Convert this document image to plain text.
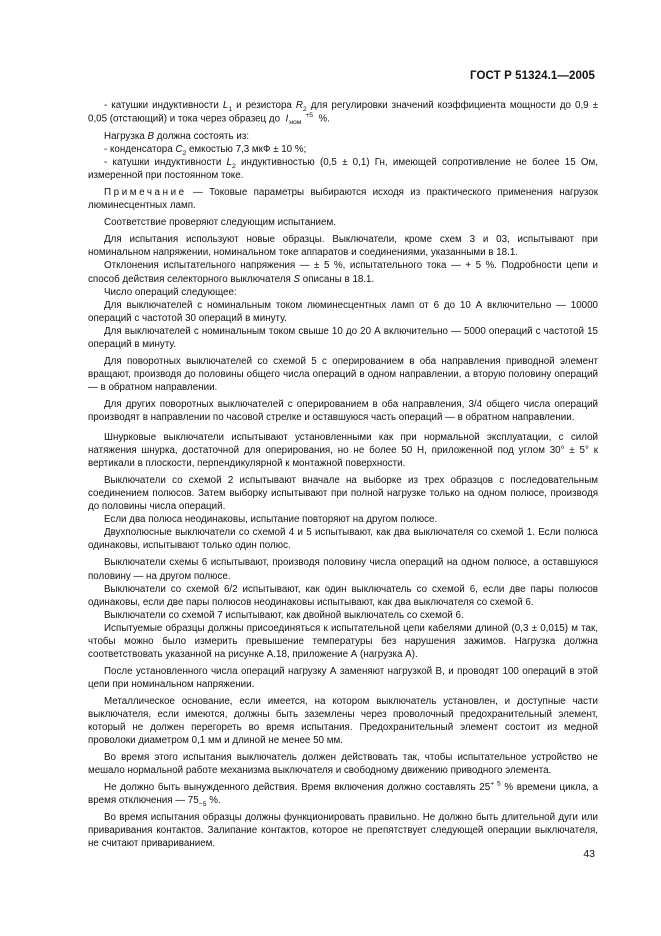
ГОСТ Р 51324.1—2005

- катушки индуктивности $L_1$ и резистора $R_2$ для регулировки значений коэффициента мощности до 0,9 ± 0,05 (отстающий) и тока через образец до  I	+5
ном  %.

Нагрузка В должна состоять из:

- конденсатора $C_2$ емкостью 7,3 мкФ ± 10 %;

- катушки индуктивности $L_2$ индуктивностью (0,5 ± 0,1) Гн, имеющей сопротивление не более 15 Ом, измеренной при постоянном токе.

Примечание — Токовые параметры выбираются исходя из практического применения нагрузок люминесцентных ламп.

Соответствие проверяют следующим испытанием.

Для испытания используют новые образцы. Выключатели, кроме схем 3 и 03, испытывают при номинальном напряжении, номинальном токе аппаратов и соединениями, указанными в 18.1.

Отклонения испытательного напряжения — ± 5 %, испытательного тока — + 5 %. Подробности цепи и способ действия селекторного выключателя S описаны в 18.1.

Число операций следующее:

Для выключателей с номинальным током люминесцентных ламп от 6 до 10 А включительно — 10000 операций с частотой 30 операций в минуту.

Для выключателей с номинальным током свыше 10 до 20 А включительно — 5000 операций с частотой 15 операций в минуту.

Для поворотных выключателей со схемой 5 с оперированием в оба направления приводной элемент вращают, производя до половины общего числа операций в одном направлении, а вторую половину операций — в обратном направлении.

Для других поворотных выключателей с оперированием в оба направления, 3/4 общего числа операций производят в направлении по часовой стрелке и оставшуюся часть операций — в обратном направлении.

Шнурковые выключатели испытывают установленными как при нормальной эксплуатации, с силой натяжения шнурка, достаточной для оперирования, но не более 50 Н, приложенной под углом 30° ± 5° к вертикали в плоскости, перпендикулярной к монтажной поверхности.

Выключатели со схемой 2 испытывают вначале на выборке из трех образцов с последовательным соединением полюсов. Затем выборку испытывают при полной нагрузке только на одном полюсе, производя до половины числа операций.

Если два полюса неодинаковы, испытание повторяют на другом полюсе.

Двухполюсные выключатели со схемой 4 и 5 испытывают, как два выключателя со схемой 1. Если полюса одинаковы, испытывают только один полюс.

Выключатели схемы 6 испытывают, производя половину числа операций на одном полюсе, а оставшуюся половину — на другом полюсе.

Выключатели со схемой 6/2 испытывают, как один выключатель со схемой 6, если две пары полюсов одинаковы, если две пары полюсов неодинаковы испытывают, как два выключателя со схемой 6.

Выключатели со схемой 7 испытывают, как двойной выключатель со схемой 6.

Испытуемые образцы должны присоединяться к испытательной цепи кабелями длиной (0,3 ± 0,015) м так, чтобы можно было измерить превышение температуры без нарушения зажимов. Нагрузка должна соответствовать указанной на рисунке А.18, приложение А (нагрузка А).

После установленного числа операций нагрузку А заменяют нагрузкой В, и проводят 100 операций в этой цепи при номинальном напряжении.

Металлическое основание, если имеется, на котором выключатель установлен, и доступные части выключателя, если имеются, должны быть заземлены через проволочный предохранительный элемент, который не должен перегореть во время испытания. Предохранительный элемент состоит из медной проволоки диаметром 0,1 мм и длиной не менее 50 мм.

Во время этого испытания выключатель должен действовать так, чтобы испытательное устройство не мешало нормальной работе механизма выключателя и свободному движению приводного элемента.

Не должно быть вынужденного действия. Время включения должно составлять $25^{+ 5}$ % времени цикла, а время отключения — $75_{-5}$ %.

Во время испытания образцы должны функционировать правильно. Не должно быть длительной дуги или приваривания контактов. Залипание контактов, которое не препятствует следующей операции выключателя, не считают привариванием.

43
